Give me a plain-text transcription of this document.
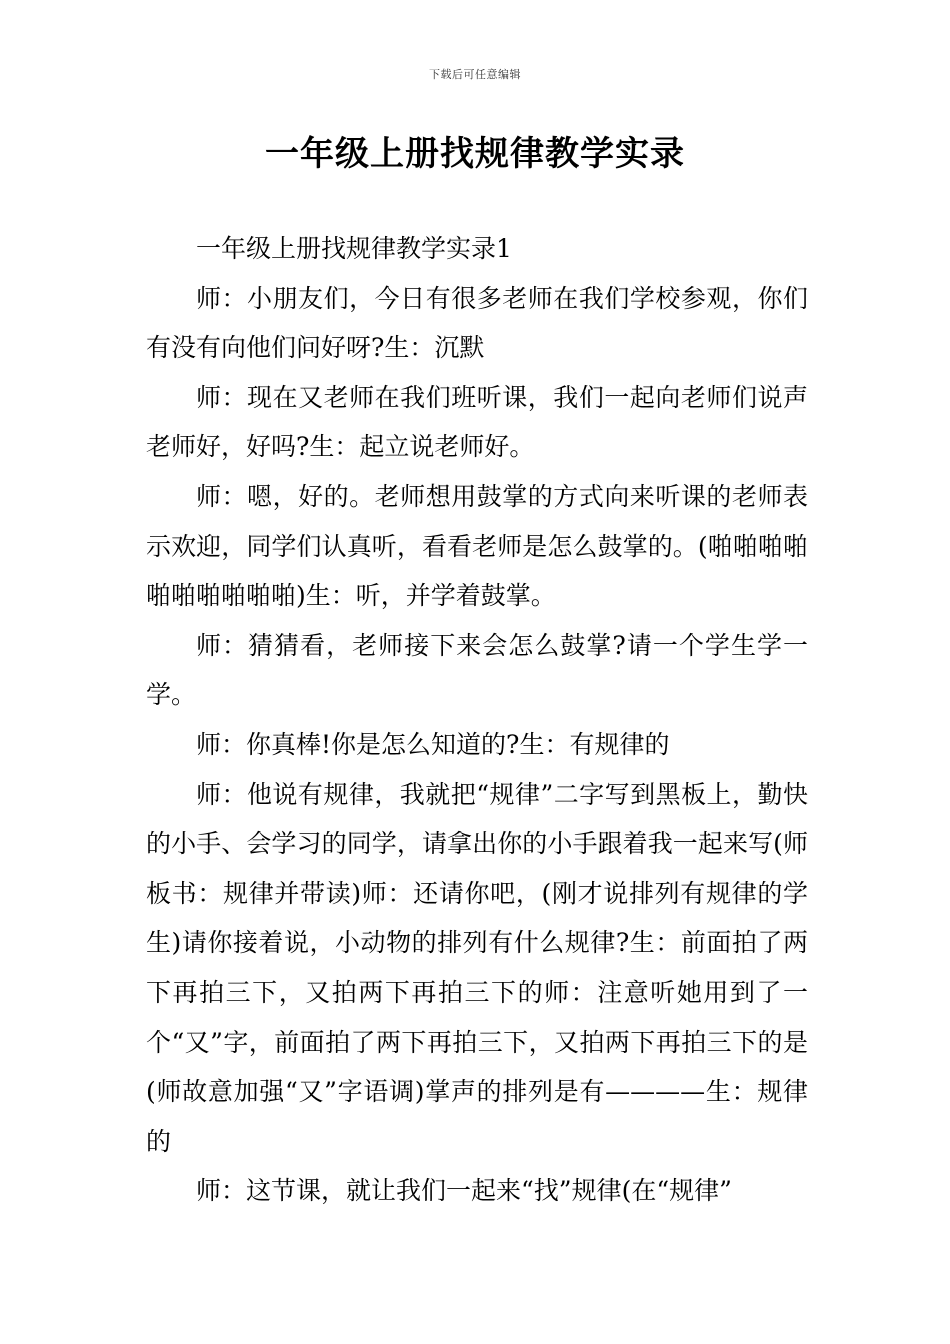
下载后可任意编辑
一年级上册找规律教学实录

一年级上册找规律教学实录1

师：小朋友们，今日有很多老师在我们学校参观，你们有没有向他们问好呀?生：沉默

师：现在又老师在我们班听课，我们一起向老师们说声老师好，好吗?生：起立说老师好。

师：嗯，好的。老师想用鼓掌的方式向来听课的老师表示欢迎，同学们认真听，看看老师是怎么鼓掌的。(啪啪啪啪啪啪啪啪啪啪)生：听，并学着鼓掌。

师：猜猜看，老师接下来会怎么鼓掌?请一个学生学一学。

师：你真棒!你是怎么知道的?生：有规律的

师：他说有规律，我就把“规律”二字写到黑板上，勤快的小手、会学习的同学，请拿出你的小手跟着我一起来写(师板书：规律并带读)师：还请你吧，(刚才说排列有规律的学生)请你接着说，小动物的排列有什么规律?生：前面拍了两下再拍三下，又拍两下再拍三下的师：注意听她用到了一个“又”字，前面拍了两下再拍三下，又拍两下再拍三下的是(师故意加强“又”字语调)掌声的排列是有————生：规律的

师：这节课，就让我们一起来“找”规律(在“规律”
